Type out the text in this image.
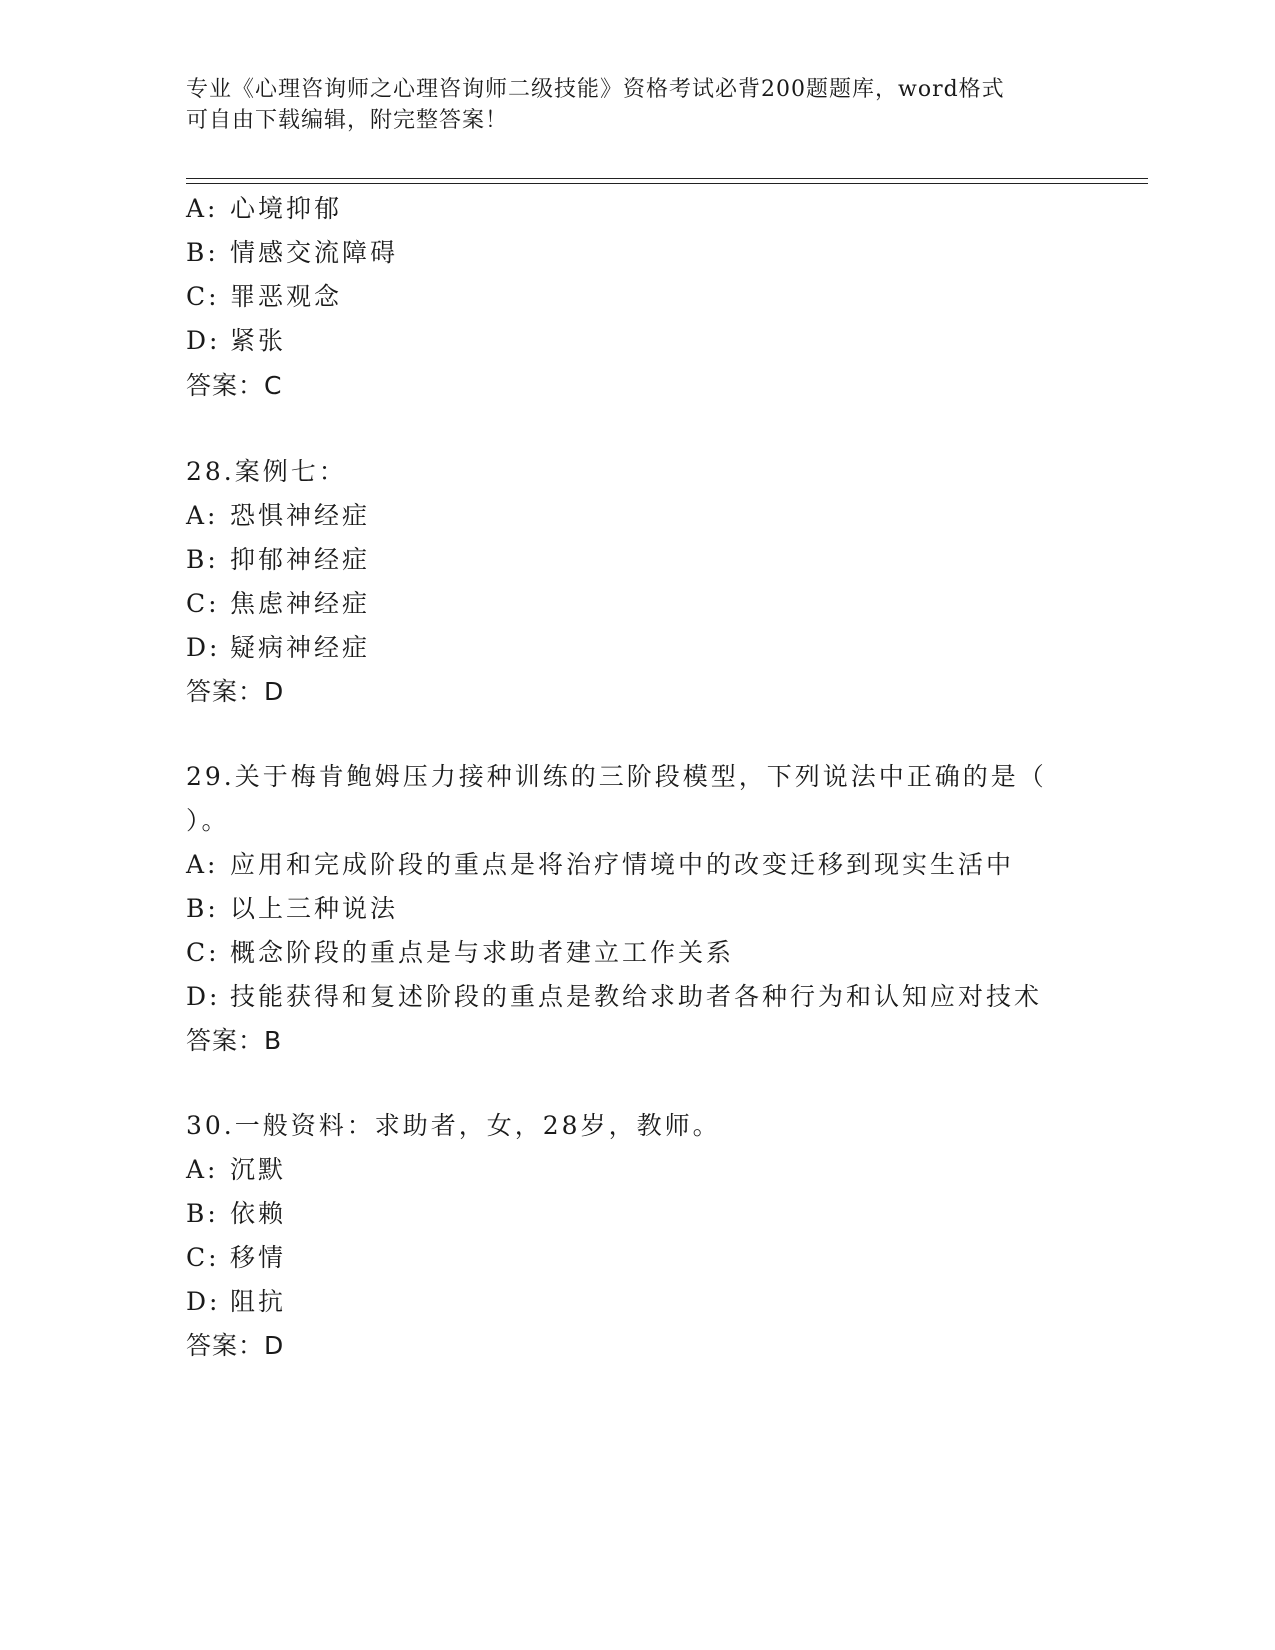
专业《心理咨询师之心理咨询师二级技能》资格考试必背200题题库，word格式
可自由下载编辑，附完整答案！
A: 心境抑郁
B: 情感交流障碍
C: 罪恶观念
D: 紧张
答案：C
28.案例七：
A: 恐惧神经症
B: 抑郁神经症
C: 焦虑神经症
D: 疑病神经症
答案：D
29.关于梅肯鲍姆压力接种训练的三阶段模型，下列说法中正确的是（
）。
A: 应用和完成阶段的重点是将治疗情境中的改变迁移到现实生活中
B: 以上三种说法
C: 概念阶段的重点是与求助者建立工作关系
D: 技能获得和复述阶段的重点是教给求助者各种行为和认知应对技术
答案：B
30.一般资料：求助者，女，28岁，教师。
A: 沉默
B: 依赖
C: 移情
D: 阻抗
答案：D
